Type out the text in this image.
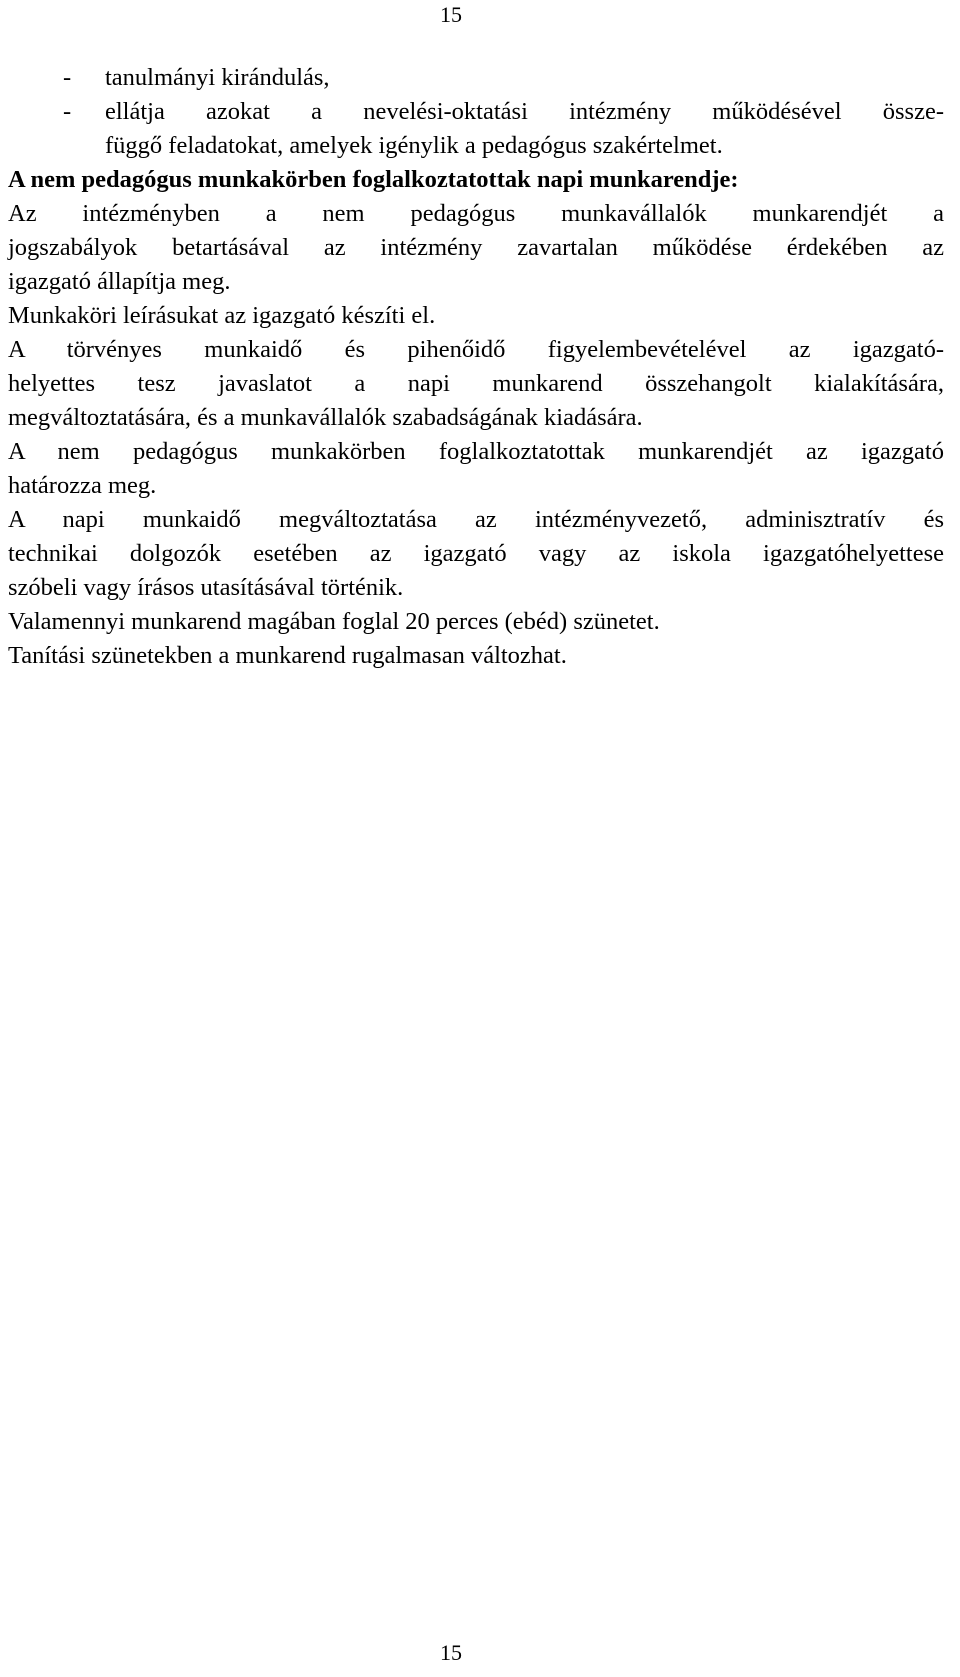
15
-	tanulmányi kirándulás,
-	ellátja azokat a nevelési-oktatási intézmény működésével össze-
függő feladatokat, amelyek igénylik a pedagógus szakértelmet.
A nem pedagógus munkakörben foglalkoztatottak napi munkarendje:

Az intézményben a nem pedagógus munkavállalók munkarendjét a
jogszabályok betartásával az intézmény zavartalan működése érdekében az
igazgató állapítja meg.

Munkaköri leírásukat az igazgató készíti el.

A törvényes munkaidő és pihenőidő figyelembevételével az igazgató-
helyettes tesz javaslatot a napi munkarend összehangolt kialakítására,
megváltoztatására, és a munkavállalók szabadságának kiadására.

A nem pedagógus munkakörben foglalkoztatottak munkarendjét az igazgató
határozza meg.

A napi munkaidő megváltoztatása az intézményvezető, adminisztratív és
technikai dolgozók esetében az igazgató vagy az iskola igazgatóhelyettese
szóbeli vagy írásos utasításával történik.

Valamennyi munkarend magában foglal 20 perces (ebéd) szünetet.

Tanítási szünetekben a munkarend rugalmasan változhat.

15
